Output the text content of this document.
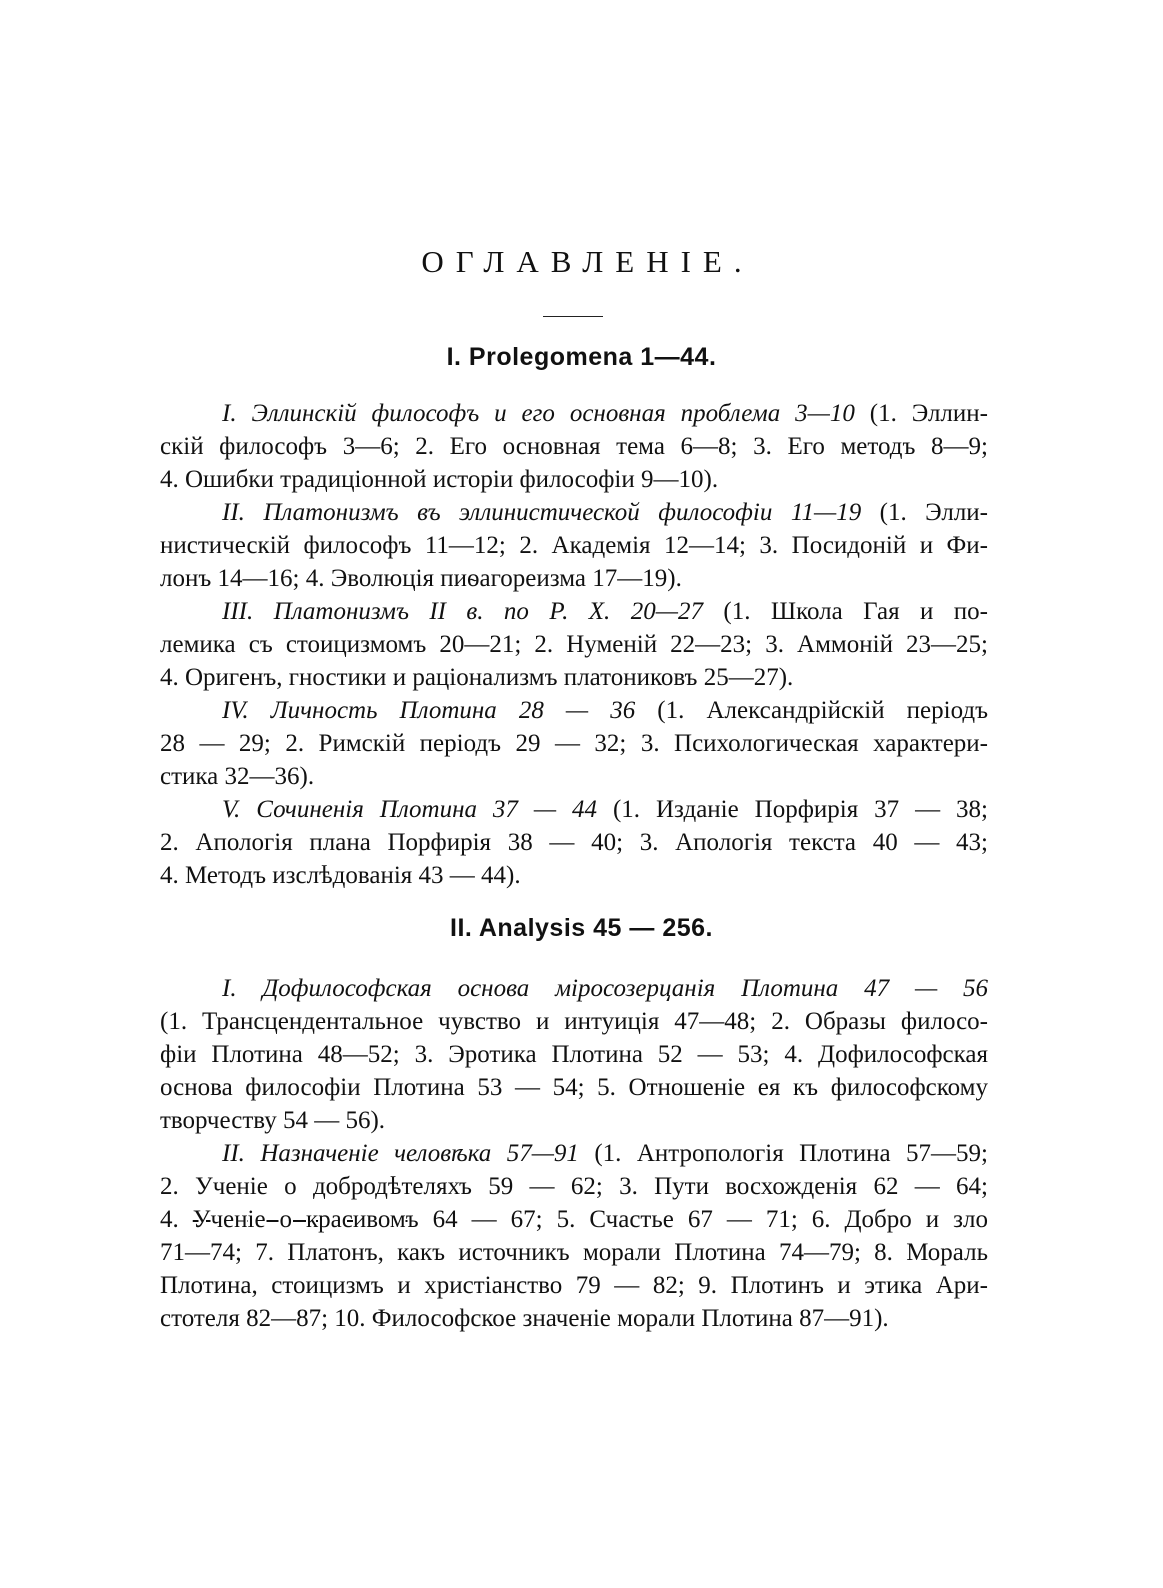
ОГЛАВЛЕНІЕ.
I. Prolegomena 1—44.
I. Эллинскій философъ и его основная проблема 3—10 (1. Эллин-
скій философъ 3—6; 2. Его основная тема 6—8; 3. Его методъ 8—9;
4. Ошибки традиціонной исторіи философіи 9—10).
II. Платонизмъ въ эллинистической философіи 11—19 (1. Элли-
нистическій философъ 11—12; 2. Академія 12—14; 3. Посидоній и Фи-
лонъ 14—16; 4. Эволюція пиѳагореизма 17—19).
III. Платонизмъ II в. по Р. Х. 20—27 (1. Школа Гая и по-
лемика съ стоицизмомъ 20—21; 2. Нуменій 22—23; 3. Аммоній 23—25;
4. Оригенъ, гностики и раціонализмъ платониковъ 25—27).
IV. Личность Плотина 28 — 36 (1. Александрійскій періодъ
28 — 29; 2. Римскій періодъ 29 — 32; 3. Психологическая характери-
стика 32—36).
V. Сочиненія Плотина 37 — 44 (1. Изданіе Порфирія 37 — 38;
2. Апологія плана Порфирія 38 — 40; 3. Апологія текста 40 — 43;
4. Методъ изслѣдованія 43 — 44).
II. Analysis 45 — 256.
I. Дофилософская основа міросозерцанія Плотина 47 — 56
(1. Трансцендентальное чувство и интуиція 47—48; 2. Образы филосо-
фіи Плотина 48—52; 3. Эротика Плотина 52 — 53; 4. Дофилософская
основа философіи Плотина 53 — 54; 5. Отношеніе ея къ философскому
творчеству 54 — 56).
II. Назначеніе человѣка 57—91 (1. Антропологія Плотина 57—59;
2. Ученіе о добродѣтеляхъ 59 — 62; 3. Пути восхожденія 62 — 64;
4. Ученіе о красивомъ 64 — 67; 5. Счастье 67 — 71; 6. Добро и зло
71—74; 7. Платонъ, какъ источникъ морали Плотина 74—79; 8. Мораль
Плотина, стоицизмъ и христіанство 79 — 82; 9. Плотинъ и этика Ари-
стотеля 82—87; 10. Философское значеніе морали Плотина 87—91).
